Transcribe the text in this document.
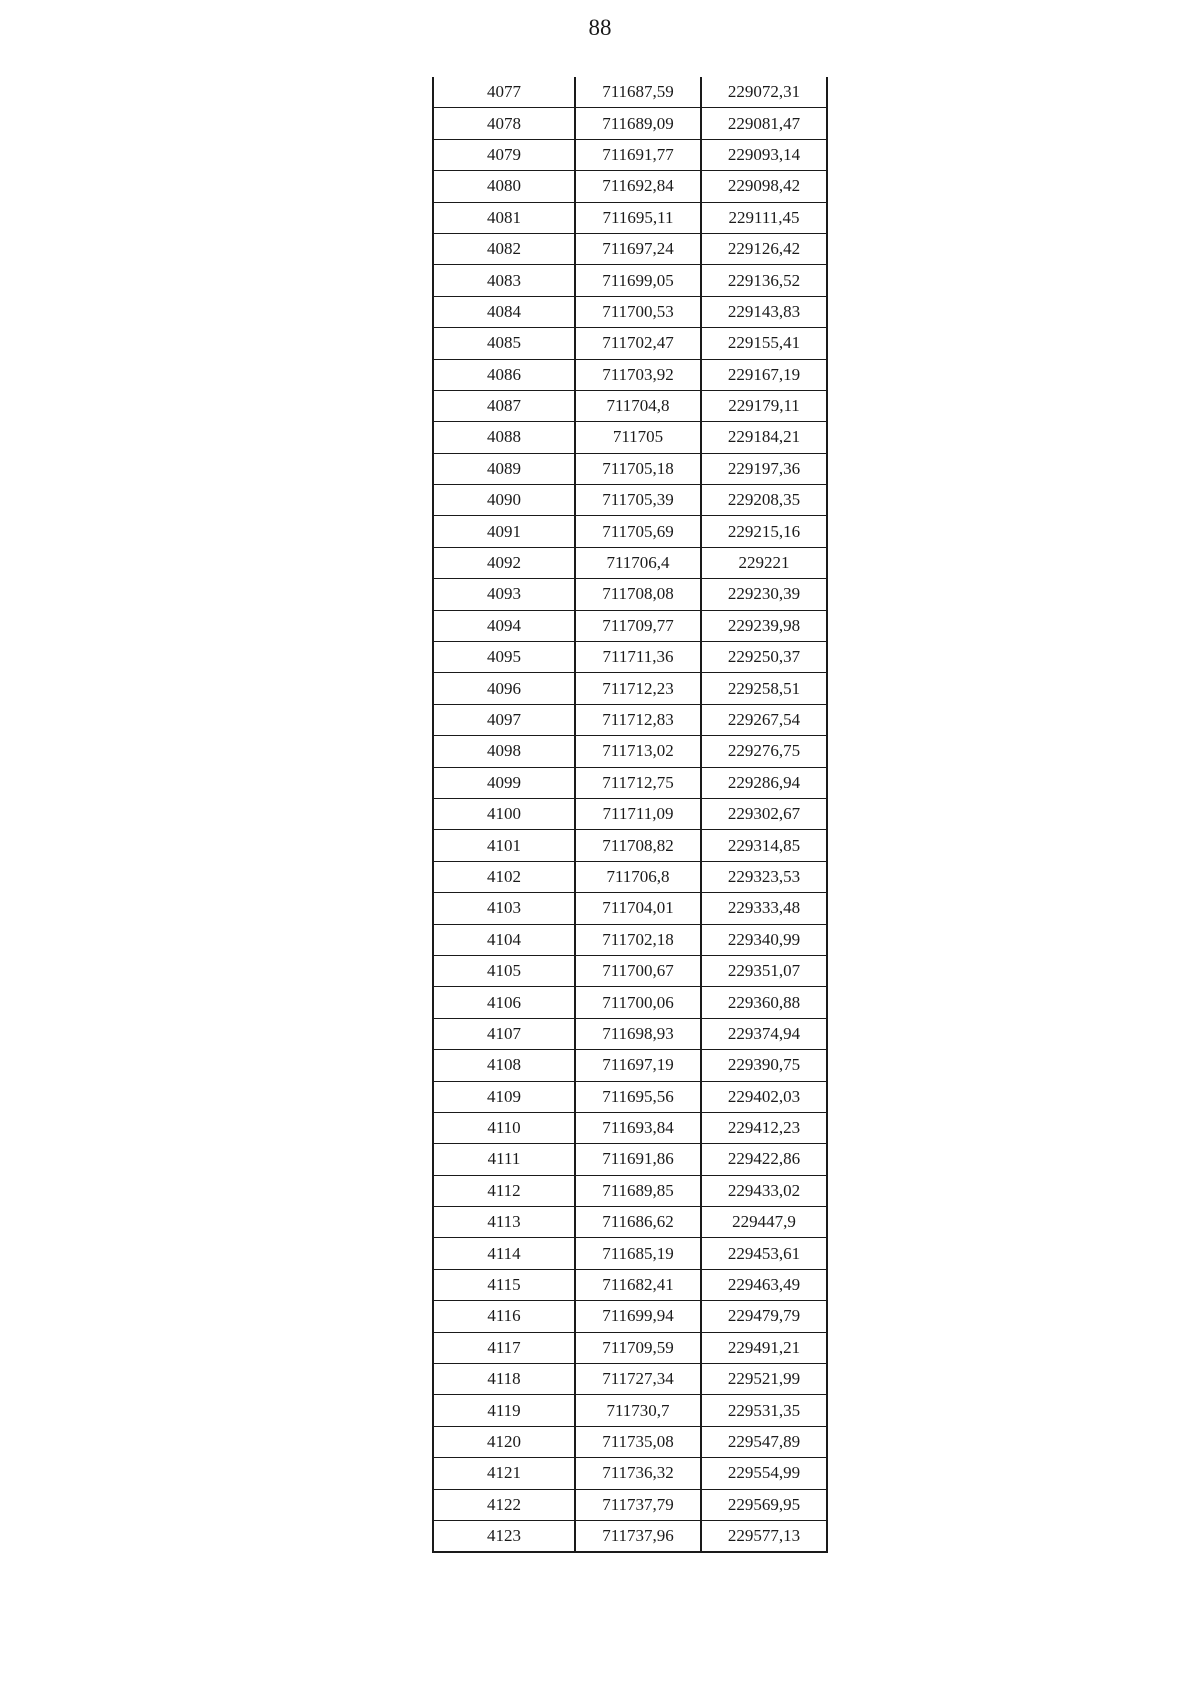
88
4077	711687,59	229072,31
4078	711689,09	229081,47
4079	711691,77	229093,14
4080	711692,84	229098,42
4081	711695,11	229111,45
4082	711697,24	229126,42
4083	711699,05	229136,52
4084	711700,53	229143,83
4085	711702,47	229155,41
4086	711703,92	229167,19
4087	711704,8	229179,11
4088	711705	229184,21
4089	711705,18	229197,36
4090	711705,39	229208,35
4091	711705,69	229215,16
4092	711706,4	229221
4093	711708,08	229230,39
4094	711709,77	229239,98
4095	711711,36	229250,37
4096	711712,23	229258,51
4097	711712,83	229267,54
4098	711713,02	229276,75
4099	711712,75	229286,94
4100	711711,09	229302,67
4101	711708,82	229314,85
4102	711706,8	229323,53
4103	711704,01	229333,48
4104	711702,18	229340,99
4105	711700,67	229351,07
4106	711700,06	229360,88
4107	711698,93	229374,94
4108	711697,19	229390,75
4109	711695,56	229402,03
4110	711693,84	229412,23
4111	711691,86	229422,86
4112	711689,85	229433,02
4113	711686,62	229447,9
4114	711685,19	229453,61
4115	711682,41	229463,49
4116	711699,94	229479,79
4117	711709,59	229491,21
4118	711727,34	229521,99
4119	711730,7	229531,35
4120	711735,08	229547,89
4121	711736,32	229554,99
4122	711737,79	229569,95
4123	711737,96	229577,13
